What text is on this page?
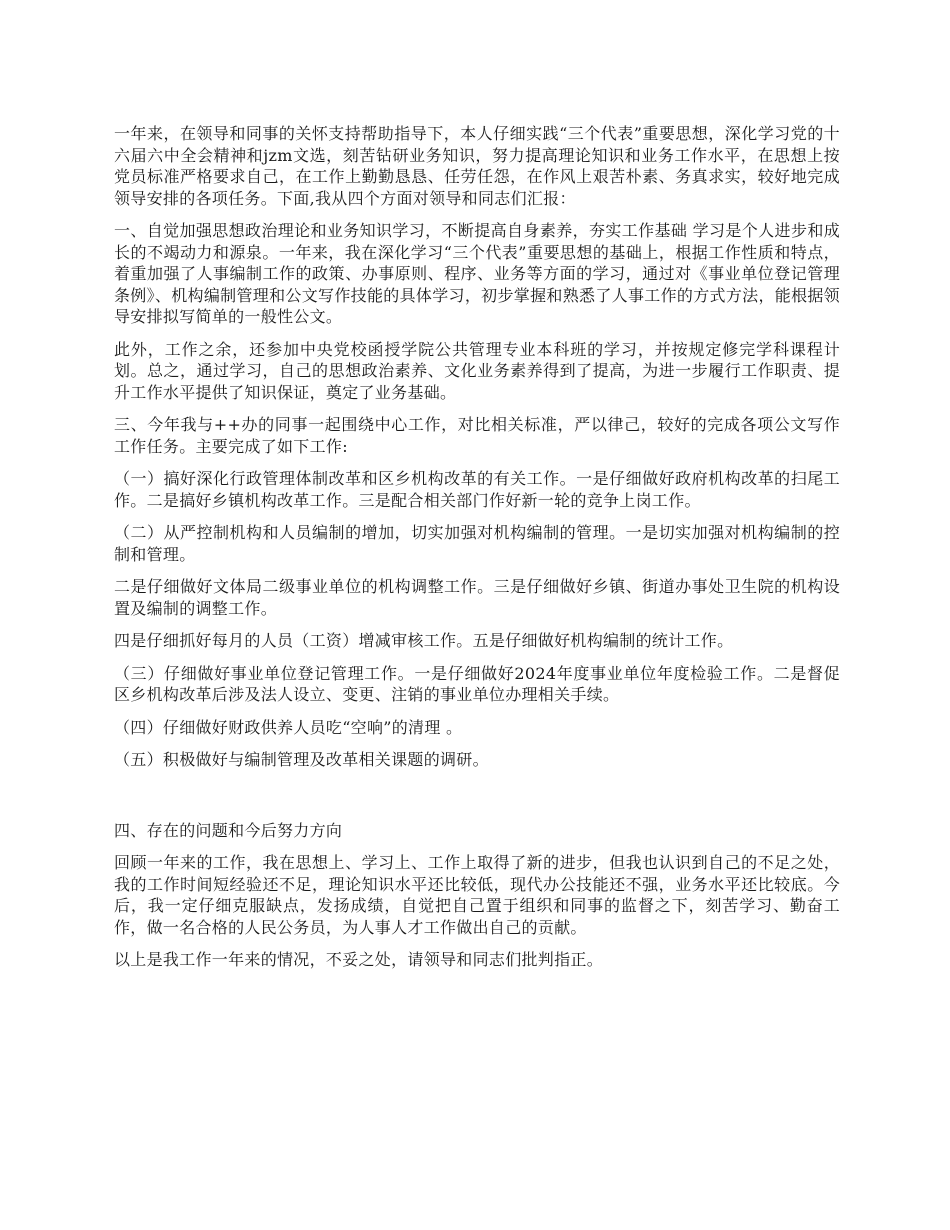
一年来，在领导和同事的关怀支持帮助指导下，本人仔细实践“三个代表”重要思想，深化学习党的十六届六中全会精神和jzm文选，刻苦钻研业务知识，努力提高理论知识和业务工作水平，在思想上按党员标准严格要求自己，在工作上勤勤恳恳、任劳任怨，在作风上艰苦朴素、务真求实，较好地完成领导安排的各项任务。下面,我从四个方面对领导和同志们汇报：

一、自觉加强思想政治理论和业务知识学习，不断提高自身素养，夯实工作基础 学习是个人进步和成长的不竭动力和源泉。一年来，我在深化学习“三个代表”重要思想的基础上，根据工作性质和特点，着重加强了人事编制工作的政策、办事原则、程序、业务等方面的学习，通过对《事业单位登记管理条例》、机构编制管理和公文写作技能的具体学习，初步掌握和熟悉了人事工作的方式方法，能根据领导安排拟写简单的一般性公文。

此外，工作之余，还参加中央党校函授学院公共管理专业本科班的学习，并按规定修完学科课程计划。总之，通过学习，自己的思想政治素养、文化业务素养得到了提高，为进一步履行工作职责、提升工作水平提供了知识保证，奠定了业务基础。

三、今年我与++办的同事一起围绕中心工作，对比相关标准，严以律己，较好的完成各项公文写作工作任务。主要完成了如下工作:

（一）搞好深化行政管理体制改革和区乡机构改革的有关工作。一是仔细做好政府机构改革的扫尾工作。二是搞好乡镇机构改革工作。三是配合相关部门作好新一轮的竞争上岗工作。

（二）从严控制机构和人员编制的增加，切实加强对机构编制的管理。一是切实加强对机构编制的控制和管理。

二是仔细做好文体局二级事业单位的机构调整工作。三是仔细做好乡镇、街道办事处卫生院的机构设置及编制的调整工作。

四是仔细抓好每月的人员（工资）增减审核工作。五是仔细做好机构编制的统计工作。

（三）仔细做好事业单位登记管理工作。一是仔细做好2024年度事业单位年度检验工作。二是督促区乡机构改革后涉及法人设立、变更、注销的事业单位办理相关手续。

（四）仔细做好财政供养人员吃“空响”的清理 。

（五）积极做好与编制管理及改革相关课题的调研。

四、存在的问题和今后努力方向

回顾一年来的工作，我在思想上、学习上、工作上取得了新的进步，但我也认识到自己的不足之处，我的工作时间短经验还不足，理论知识水平还比较低，现代办公技能还不强，业务水平还比较底。今后，我一定仔细克服缺点，发扬成绩，自觉把自己置于组织和同事的监督之下，刻苦学习、勤奋工作，做一名合格的人民公务员，为人事人才工作做出自己的贡献。

以上是我工作一年来的情况，不妥之处，请领导和同志们批判指正。
